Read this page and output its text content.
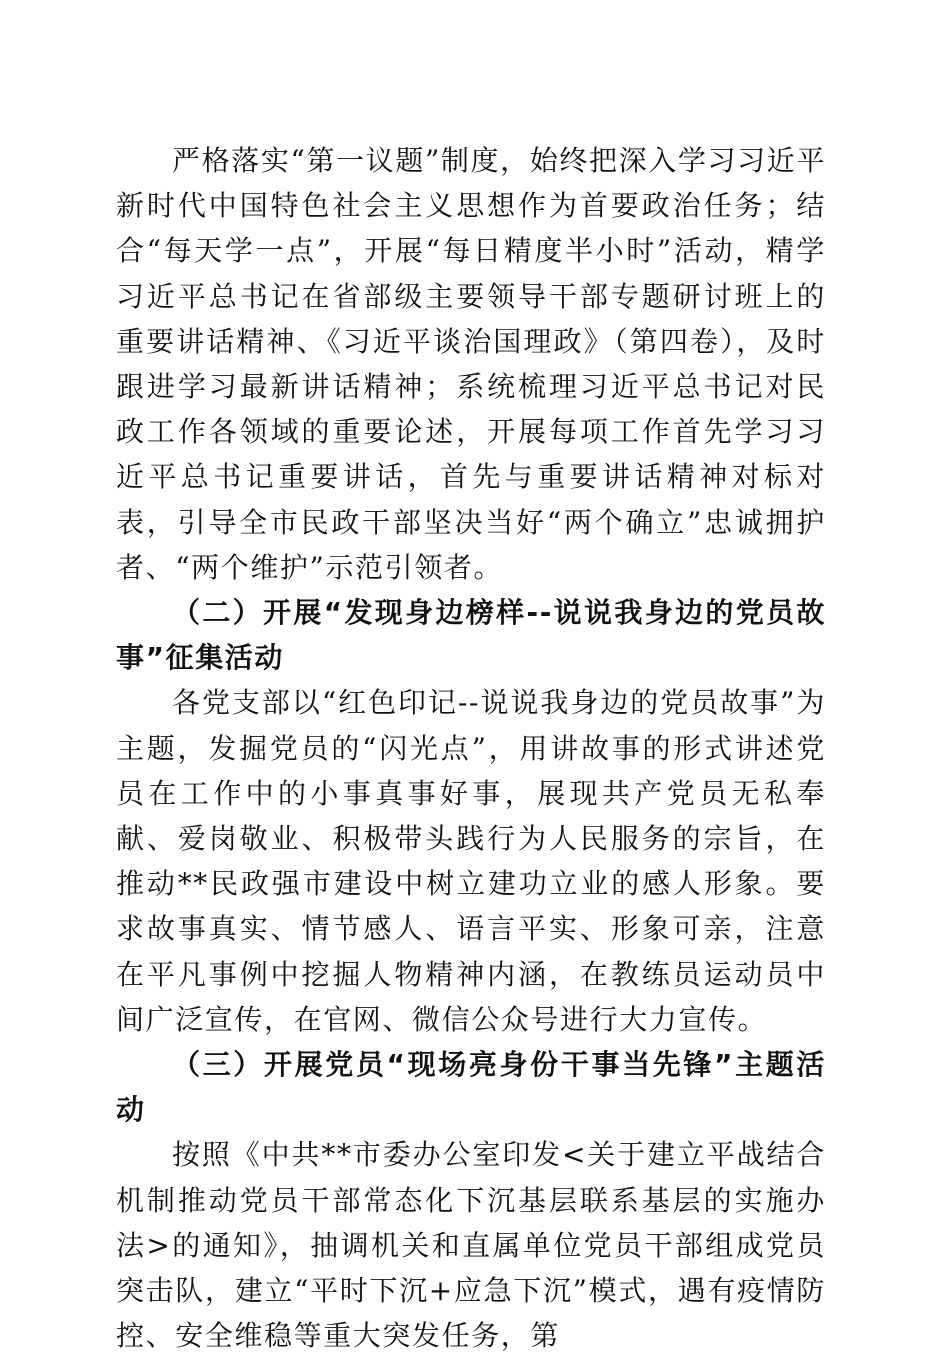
严格落实“第一议题”制度，始终把深入学习习近平新时代中国特色社会主义思想作为首要政治任务；结合“每天学一点”，开展“每日精度半小时”活动，精学习近平总书记在省部级主要领导干部专题研讨班上的重要讲话精神、《习近平谈治国理政》（第四卷），及时跟进学习最新讲话精神；系统梳理习近平总书记对民政工作各领域的重要论述，开展每项工作首先学习习近平总书记重要讲话，首先与重要讲话精神对标对表，引导全市民政干部坚决当好“两个确立”忠诚拥护者、“两个维护”示范引领者。

（二）开展“发现身边榜样--说说我身边的党员故事”征集活动

各党支部以“红色印记--说说我身边的党员故事”为主题，发掘党员的“闪光点”，用讲故事的形式讲述党员在工作中的小事真事好事，展现共产党员无私奉献、爱岗敬业、积极带头践行为人民服务的宗旨，在推动**民政强市建设中树立建功立业的感人形象。要求故事真实、情节感人、语言平实、形象可亲，注意在平凡事例中挖掘人物精神内涵，在教练员运动员中间广泛宣传，在官网、微信公众号进行大力宣传。

（三）开展党员“现场亮身份干事当先锋”主题活动

按照《中共**市委办公室印发<关于建立平战结合机制推动党员干部常态化下沉基层联系基层的实施办法>的通知》，抽调机关和直属单位党员干部组成党员突击队，建立“平时下沉+应急下沉”模式，遇有疫情防控、安全维稳等重大突发任务，第
